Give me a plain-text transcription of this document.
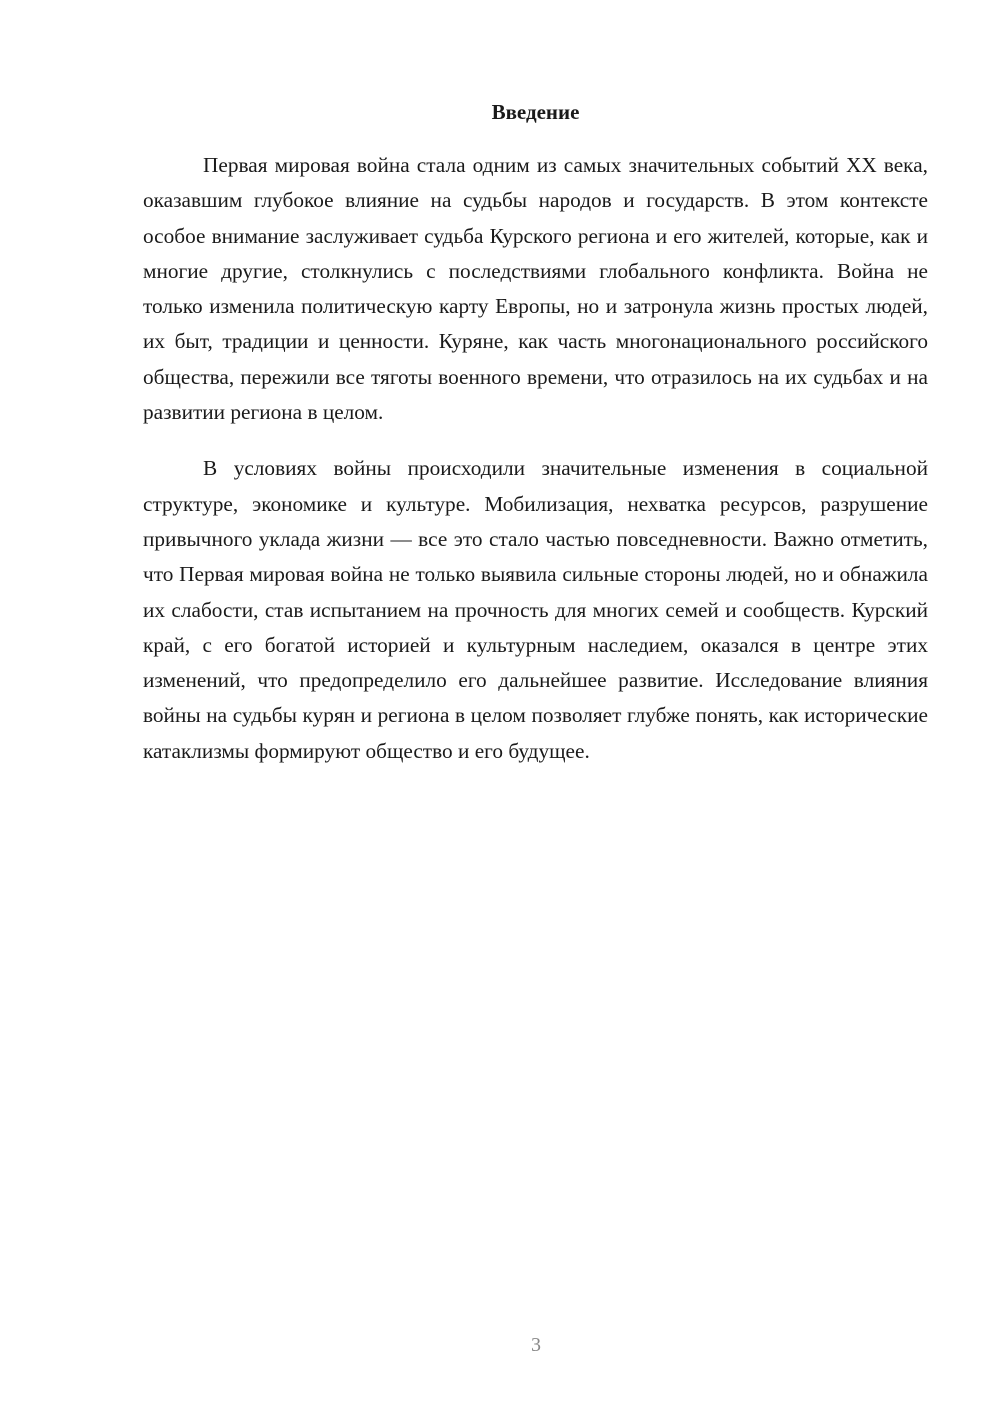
Введение

Первая мировая война стала одним из самых значительных событий XX века, оказавшим глубокое влияние на судьбы народов и государств. В этом контексте особое внимание заслуживает судьба Курского региона и его жителей, которые, как и многие другие, столкнулись с последствиями глобального конфликта. Война не только изменила политическую карту Европы, но и затронула жизнь простых людей, их быт, традиции и ценности. Куряне, как часть многонационального российского общества, пережили все тяготы военного времени, что отразилось на их судьбах и на развитии региона в целом.

В условиях войны происходили значительные изменения в социальной структуре, экономике и культуре. Мобилизация, нехватка ресурсов, разрушение привычного уклада жизни — все это стало частью повседневности. Важно отметить, что Первая мировая война не только выявила сильные стороны людей, но и обнажила их слабости, став испытанием на прочность для многих семей и сообществ. Курский край, с его богатой историей и культурным наследием, оказался в центре этих изменений, что предопределило его дальнейшее развитие. Исследование влияния войны на судьбы курян и региона в целом позволяет глубже понять, как исторические катаклизмы формируют общество и его будущее.

3
